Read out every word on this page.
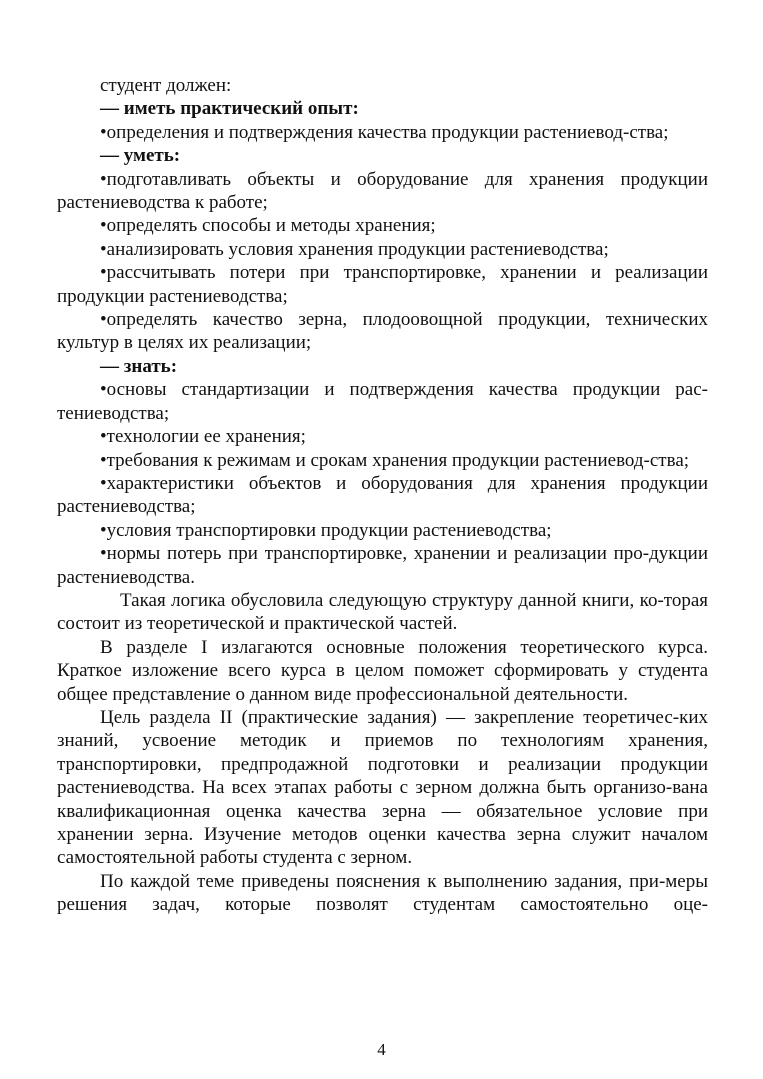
студент должен:

— иметь практический опыт:

•определения и подтверждения качества продукции растениевод-ства;

— уметь:

•подготавливать объекты и оборудование для хранения продукции растениеводства к работе;

•определять способы и методы хранения;

•анализировать условия хранения продукции растениеводства;

•рассчитывать потери при транспортировке, хранении и реализации продукции растениеводства;

•определять качество зерна, плодоовощной продукции, технических культур в целях их реализации;

— знать:

•основы стандартизации и подтверждения качества продукции рас-тениеводства;

•технологии ее хранения;

•требования к режимам и срокам хранения продукции растениевод-ства;

•характеристики объектов и оборудования для хранения продукции растениеводства;

•условия транспортировки продукции растениеводства;

•нормы потерь при транспортировке, хранении и реализации про-дукции растениеводства.

Такая логика обусловила следующую структуру данной книги, ко-торая состоит из теоретической и практической частей.

В разделе I излагаются основные положения теоретического курса. Краткое изложение всего курса в целом поможет сформировать у студента общее представление о данном виде профессиональной деятельности.

Цель раздела II (практические задания) — закрепление теоретичес-ких знаний, усвоение методик и приемов по технологиям хранения, транспортировки, предпродажной подготовки и реализации продукции растениеводства. На всех этапах работы с зерном должна быть организо-вана квалификационная оценка качества зерна — обязательное условие при хранении зерна. Изучение методов оценки качества зерна служит началом самостоятельной работы студента с зерном.

По каждой теме приведены пояснения к выполнению задания, при-меры решения задач, которые позволят студентам самостоятельно оце-

4
